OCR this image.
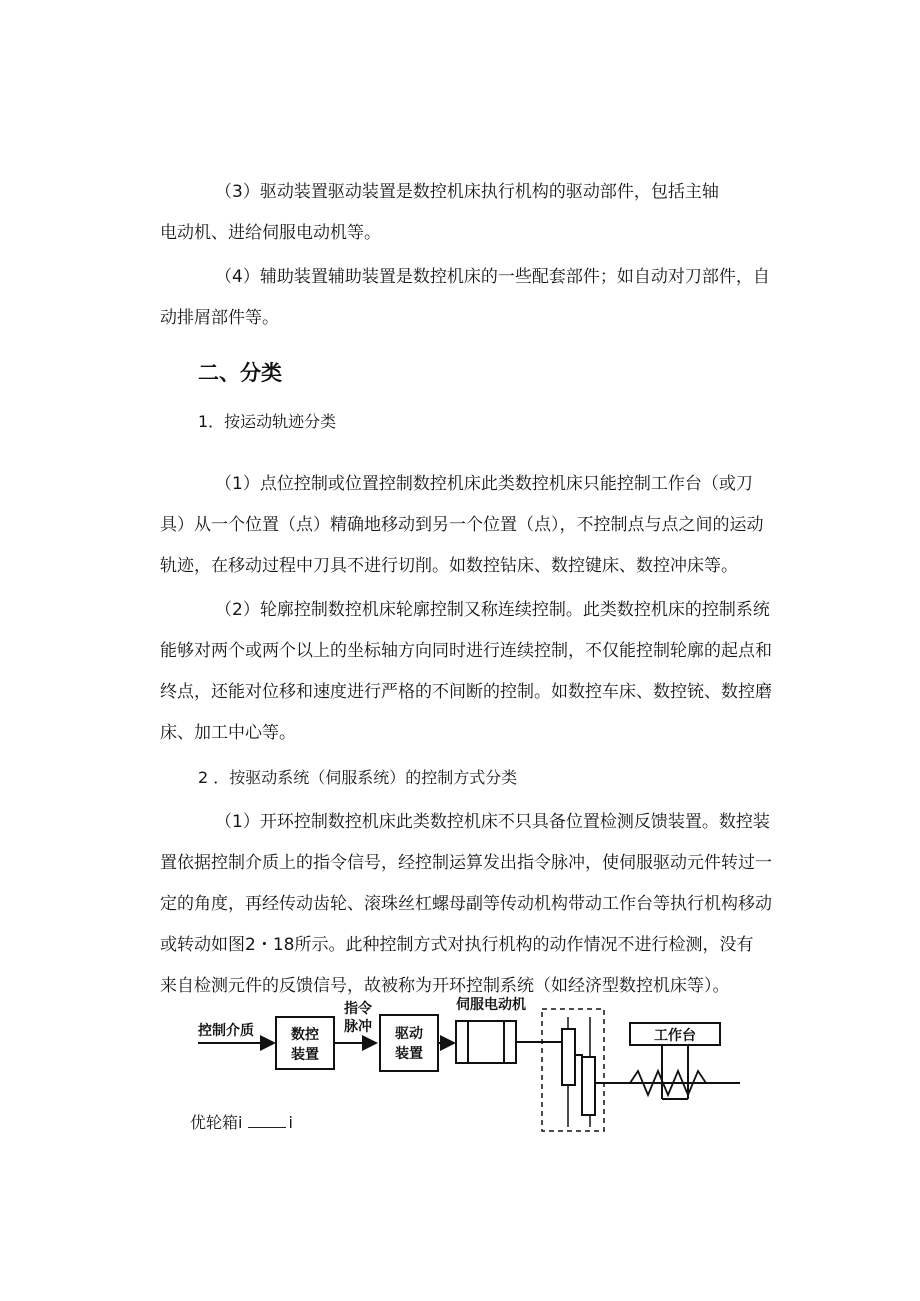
（3）驱动装置驱动装置是数控机床执行机构的驱动部件，包括主轴
电动机、进给伺服电动机等。
（4）辅助装置辅助装置是数控机床的一些配套部件；如自动对刀部件，自
动排屑部件等。
二、分类
1．按运动轨迹分类
（1）点位控制或位置控制数控机床此类数控机床只能控制工作台（或刀
具）从一个位置（点）精确地移动到另一个位置（点），不控制点与点之间的运动
轨迹，在移动过程中刀具不进行切削。如数控钻床、数控键床、数控冲床等。
（2）轮廓控制数控机床轮廓控制又称连续控制。此类数控机床的控制系统
能够对两个或两个以上的坐标轴方向同时进行连续控制，不仅能控制轮廓的起点和
终点，还能对位移和速度进行严格的不间断的控制。如数控车床、数控铳、数控磨
床、加工中心等。
2 ．按驱动系统（伺服系统）的控制方式分类
（1）开环控制数控机床此类数控机床不只具备位置检测反馈装置。数控装
置依据控制介质上的指令信号，经控制运算发出指令脉冲，使伺服驱动元件转过一
定的角度，再经传动齿轮、滚珠丝杠螺母副等传动机构带动工作台等执行机构移动
或转动如图2・18所示。此种控制方式对执行机构的动作情况不进行检测，没有
来自检测元件的反馈信号，故被称为开环控制系统（如经济型数控机床等）。
控制介质	数控
装置
指令
脉冲 驱动
装置
伺服电动机
工作台
优轮箱i	i
